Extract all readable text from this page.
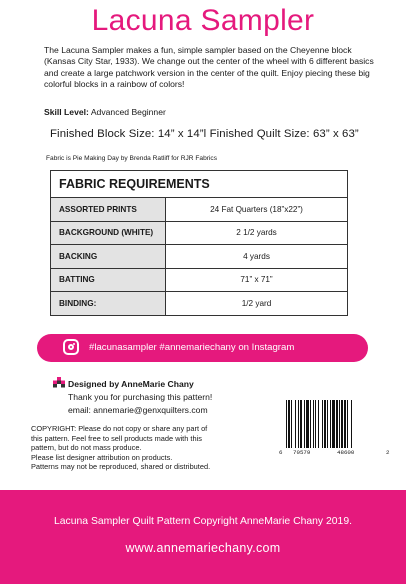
Lacuna Sampler
The Lacuna Sampler makes a fun, simple sampler based on the Cheyenne block (Kansas City Star, 1933). We change out the center of the wheel with 6 different basics and create a large patchwork version in the center of the quilt. Enjoy piecing these big colorful blocks in a rainbow of colors!
Skill Level: Advanced Beginner
Finished Block Size: 14” x 14”l Finished Quilt Size: 63” x 63”
Fabric is Pie Making Day by Brenda Ratliff for RJR Fabrics
FABRIC REQUIREMENTS	
ASSORTED PRINTS	24 Fat Quarters (18”x22”)
BACKGROUND (WHITE)	2 1/2 yards
BACKING	4 yards
BATTING	71” x 71”
BINDING:	1/2 yard
#lacunasampler #annemariechany on Instagram
Designed by AnneMarie Chany
Thank you for purchasing this pattern!
email: annemarie@genxquilters.com
COPYRIGHT: Please do not copy or share any part of
this pattern. Feel free to sell products made with this
pattern, but do not mass produce.
Please list designer attribution on products.
Patterns may not be reproduced, shared or distributed.
6 70579	48600	2
Lacuna Sampler Quilt Pattern Copyright AnneMarie Chany 2019.
www.annemariechany.com
